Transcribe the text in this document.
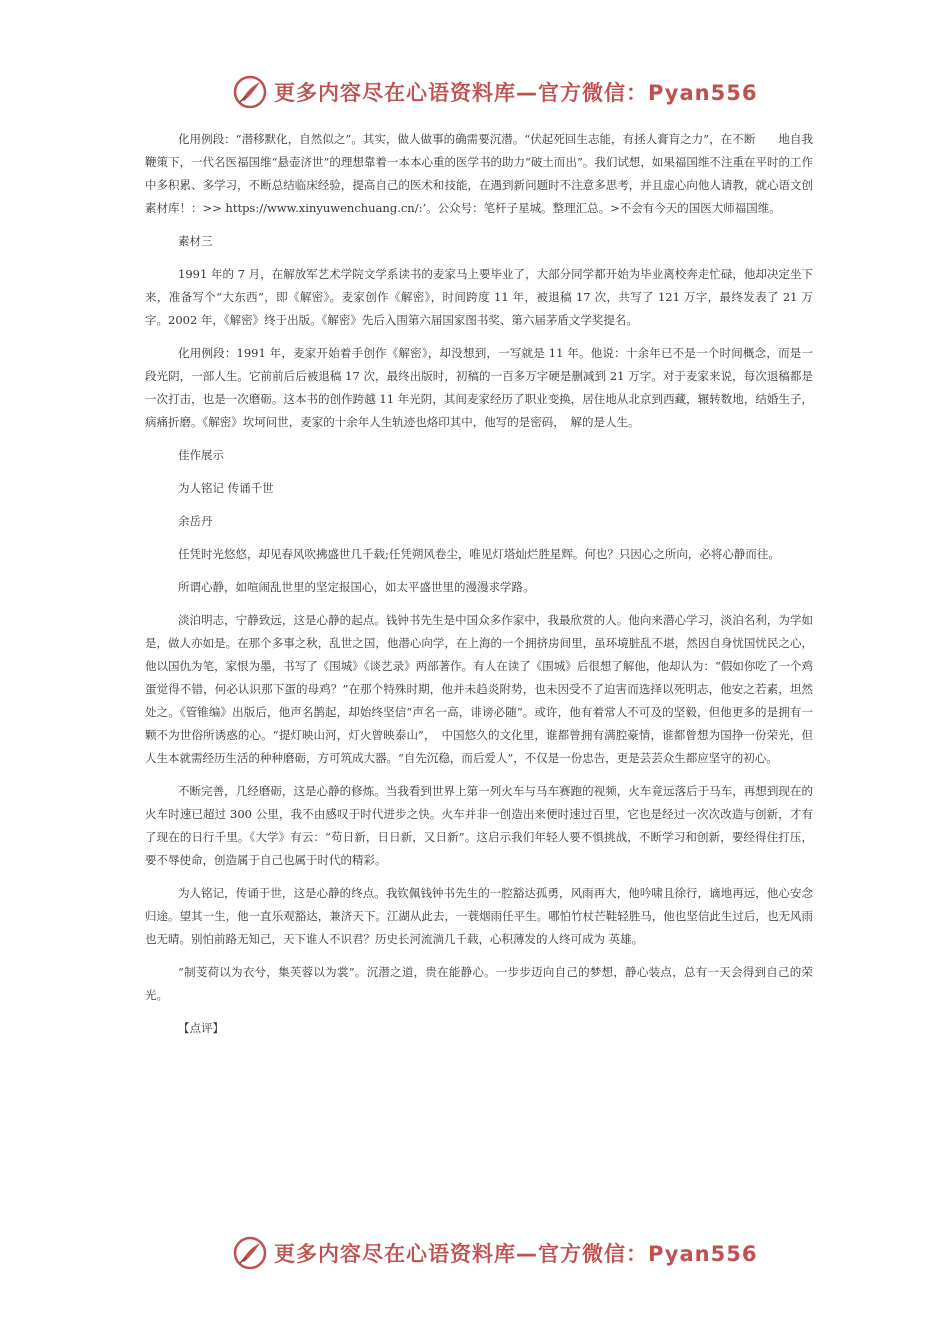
更多内容尽在心语资料库—官方微信：Pyan556

化用例段：“潜移默化，自然似之”。其实，做人做事的确需要沉潜。“伏起死回生志能，有拯人膏肓之力”，在不断　　地自我鞭策下，一代名医福国维“悬壶济世”的理想靠着一本本心重的医学书的助力“破土而出”。我们试想，如果福国维不注重在平时的工作中多积累、多学习，不断总结临床经验，提高自己的医术和技能，在遇到新问题时不注意多思考，并且虚心向他人请教，就心语文创素材库！：>> https://www.xinyuwenchuang.cn/:’。公众号：笔杆子星城。整理汇总。>不会有今天的国医大师福国维。

素材三

1991 年的 7 月，在解放军艺术学院文学系读书的麦家马上要毕业了，大部分同学都开始为毕业离校奔走忙碌，他却决定坐下来，准备写个“大东西”，即《解密》。麦家创作《解密》，时间跨度 11 年，被退稿 17 次，共写了 121 万字，最终发表了 21 万字。2002 年，《解密》终于出版。《解密》先后入围第六届国家图书奖、第六届茅盾文学奖提名。

化用例段：1991 年，麦家开始着手创作《解密》，却没想到，一写就是 11 年。他说：十余年已不是一个时间概念，而是一段光阴，一部人生。它前前后后被退稿 17 次，最终出版时，初稿的一百多万字硬是删减到 21 万字。对于麦家来说，每次退稿都是一次打击，也是一次磨砺。这本书的创作跨越 11 年光阴，其间麦家经历了职业变换，居住地从北京到西藏，辗转数地，结婚生子，病痛折磨。《解密》坎坷问世，麦家的十余年人生轨迹也烙印其中，他写的是密码，　解的是人生。

佳作展示

为人铭记 传诵千世

余岳丹

任凭时光悠悠，却见春风吹拂盛世几千载;任凭朔风卷尘，唯见灯塔灿烂胜星辉。何也？只因心之所向，必将心静而往。

所谓心静，如喧闹乱世里的坚定报国心，如太平盛世里的漫漫求学路。

淡泊明志，宁静致远，这是心静的起点。钱钟书先生是中国众多作家中，我最欣赏的人。他向来潜心学习，淡泊名利，为学如是，做人亦如是。在那个多事之秋，乱世之国，他潜心向学，在上海的一个拥挤房间里，虽环境脏乱不堪，然因自身忧国忧民之心，他以国仇为笔，家恨为墨，书写了《围城》《谈艺录》两部著作。有人在读了《围城》后很想了解他，他却认为：“假如你吃了一个鸡蛋觉得不错，何必认识那下蛋的母鸡？”在那个特殊时期，他并未趋炎附势，也未因受不了迫害而选择以死明志，他安之若素，坦然处之。《管锥编》出版后，他声名鹊起，却始终坚信“声名一高，诽谤必随”。或许，他有着常人不可及的坚毅，但他更多的是拥有一颗不为世俗所诱惑的心。“提灯映山河，灯火曾映泰山”，　中国悠久的文化里，谁都曾拥有满腔豪情，谁都曾想为国挣一份荣光，但人生本就需经历生活的种种磨砺，方可筑成大器。“自先沉稳，而后爱人”，不仅是一份忠告，更是芸芸众生都应坚守的初心。

不断完善，几经磨砺，这是心静的修炼。当我看到世界上第一列火车与马车赛跑的视频，火车竟远落后于马车，再想到现在的火车时速已超过 300 公里，我不由感叹于时代进步之快。火车并非一创造出来便时速过百里，它也是经过一次次改造与创新，才有了现在的日行千里。《大学》有云：“苟日新，日日新，又日新”。这启示我们年轻人要不惧挑战，不断学习和创新，要经得住打压，要不辱使命，创造属于自己也属于时代的精彩。

为人铭记，传诵于世，这是心静的终点。我钦佩钱钟书先生的一腔豁达孤勇，风雨再大，他吟啸且徐行，谪地再远，他心安念归途。望其一生，他一直乐观豁达，兼济天下。江湖从此去，一蓑烟雨任平生。哪怕竹杖芒鞋轻胜马，他也坚信此生过后，也无风雨也无晴。别怕前路无知己，天下谁人不识君？历史长河流淌几千载，心积薄发的人终可成为 英雄。

“制芰荷以为衣兮，集芙蓉以为裳”。沉潜之道，贵在能静心。一步步迈向自己的梦想，静心装点，总有一天会得到自己的荣光。

【点评】

更多内容尽在心语资料库—官方微信：Pyan556
